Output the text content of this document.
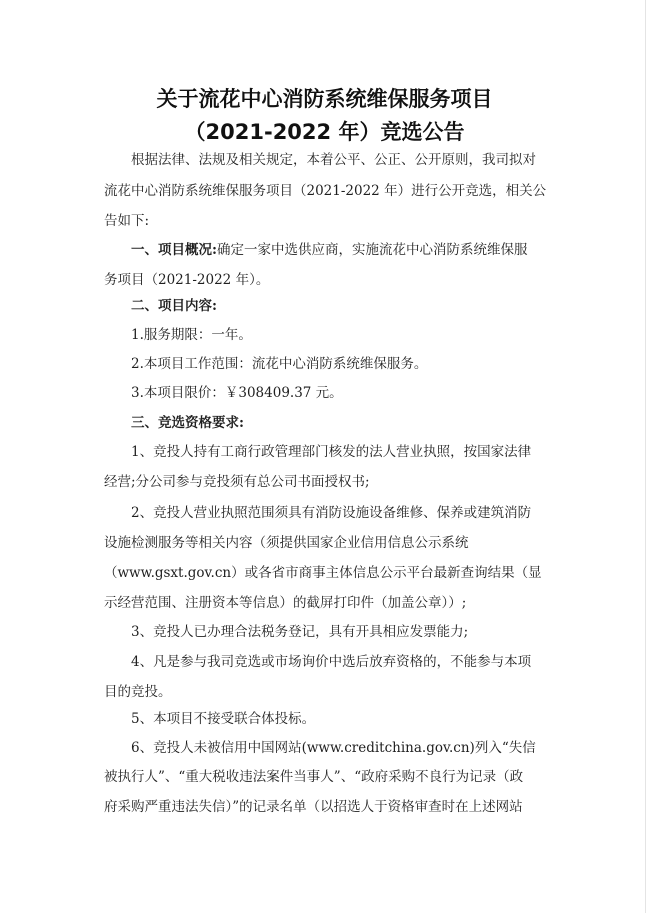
关于流花中心消防系统维保服务项目
（2021-2022 年）竞选公告
根据法律、法规及相关规定，本着公平、公正、公开原则，我司拟对
流花中心消防系统维保服务项目（2021-2022 年）进行公开竞选，相关公
告如下:
一、项目概况:确定一家中选供应商，实施流花中心消防系统维保服
务项目（2021-2022 年）。
二、项目内容:
1.服务期限：一年。
2.本项目工作范围：流花中心消防系统维保服务。
3.本项目限价：￥308409.37 元。
三、竞选资格要求:
1、竞投人持有工商行政管理部门核发的法人营业执照，按国家法律
经营;分公司参与竞投须有总公司书面授权书;
2、竞投人营业执照范围须具有消防设施设备维修、保养或建筑消防
设施检测服务等相关内容（须提供国家企业信用信息公示系统
（www.gsxt.gov.cn）或各省市商事主体信息公示平台最新查询结果（显
示经营范围、注册资本等信息）的截屏打印件（加盖公章））;
3、竞投人已办理合法税务登记，具有开具相应发票能力;
4、凡是参与我司竞选或市场询价中选后放弃资格的，不能参与本项
目的竞投。
5、本项目不接受联合体投标。
6、竞投人未被信用中国网站(www.creditchina.gov.cn)列入“失信
被执行人”、“重大税收违法案件当事人”、“政府采购不良行为记录（政
府采购严重违法失信）”的记录名单（以招选人于资格审查时在上述网站
